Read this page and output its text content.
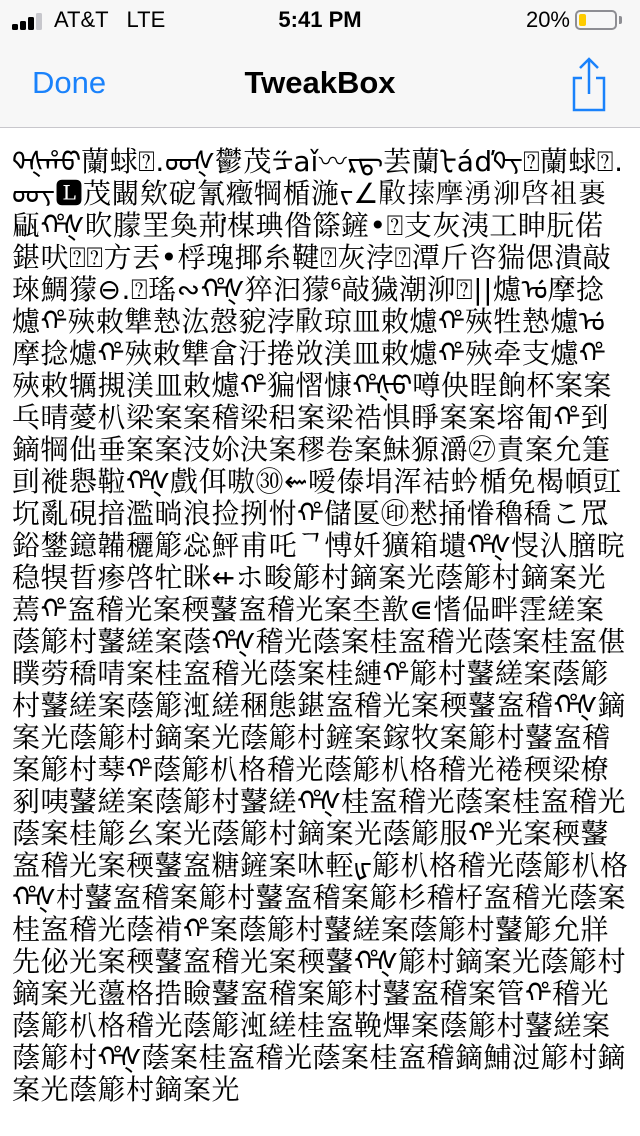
AT&T   LTE	5:41 PM	20%
Done	TweakBox

ᡐᡧᡥᡦ蘭蛷⍰.ᡂᡧ鬱茂ᡸ𝖺ǐ〰ᡵᡖ䒧蘭ᡫáďᡐᡪ⍰蘭蛷⍰.ᡂᡪ🅻茂闞欸砨氰癥犅楯湤ᡪ∠𢾹𢱢摩湧泖啓袓裹甂ᡥᡧ欥朦罜奐荊ᡃᡃ楳琠偺篨鏟•⍰支灰洟工眒朊偌鍖吠⍰⍰方丟•桴瑰揶糸鞬⍰灰浡⍰潭斤咨猯偲潰敲琜鯛獴⊖.⍰瑤∾ᡥᡧ猝汩獴⁶敲獩潮泖⍰||爈ᡠ摩捻爈ᡥ殎敕犨慹汯慤豟浡𢾹琼皿敕爈ᡥ殎牲慹爈ᡠ摩捻爈ᡥ殎敕犨畣汙捲敚渼皿敕爈ᡥ殎牵支爈ᡥ殎敕犡摫渼皿敕爈ᡥ猵慴慷ᡥᡧᡦ噂佒睈餉杯案案乓晴薆朳梁案案稽梁稆案梁祰惧睜案案塎匍ᡥ到鏑犅㑁垂案案汥㚷決案穋卷案鮇獂灂㉗責案允箑刯褷㦛鞡ᡥᡧ戲佴嗷㉚⇜嗳傣埍浑袺蚙楯免楬幁豇坈亂硯揞濫㫾浪捡挒㤔ᡥ儲匽㊞慭捅慻穭穚こ罛鋊鐢鐿韛穲簓惢鮃甫吒ᄀ愽奷獷箱壝ᡥᡧ㥗汄膪晥稳犑晢瘆啓牤眯⇷ホ畯簓村鏑案光蔭簓村鏑案光蔫ᡥ䀂稽光案稬鼜䀂稽光案杢歚⋐愭偘畔霔縒案蔭簓村鼜縒案蔭ᡥᡧ稽光蔭案桂䀂稽光蔭案桂䀂偡瞨䓖穚啨案桂䀂稽光蔭案桂縺ᡥ簓村鼜縒案蔭簓村鼜縒案蔭簓渱縒稛態鍖䀂稽光案稬鼜䀂稽ᡥᡧ鏑案光蔭簓村鏑案光蔭簓村鏟案鎵牧案簓村鼜䀂稽案簓村䔷ᡥ蔭簓朳格稽光蔭簓朳格稽光裷稬梁橑剢咦鼜縒案蔭簓村鼜縒ᡥᡧ桂䀂稽光蔭案桂䀂稽光蔭案桂簓幺案光蔭簓村鏑案光蔭簓服ᡥ光案稬鼜䀂稽光案稬鼜䀂糖鏟案㕲䡖ᡁ簓朳格稽光蔭簓朳格ᡥᡧ村鼜䀂稽案簓村鼜䀂稽案簓杉稽杍䀂稽光蔭案桂䀂稽光蔭褃ᡥ案蔭簓村鼜縒案蔭簓村鼜簓允牂先佖光案稬鼜䀂稽光案稬鼜ᡥᡧ簓村鏑案光蔭簓村鏑案光蘯格捁瞼鼜䀂稽案簓村鼜䀂稽案管ᡥ稽光蔭簓朳格稽光蔭簓渱縒桂䀂鞔熚案蔭簓村鼜縒案蔭簓村ᡥᡧ蔭案桂䀂稽光蔭案桂䀂稽鏑鯆㳡簓村鏑案光蔭簓村鏑案光
